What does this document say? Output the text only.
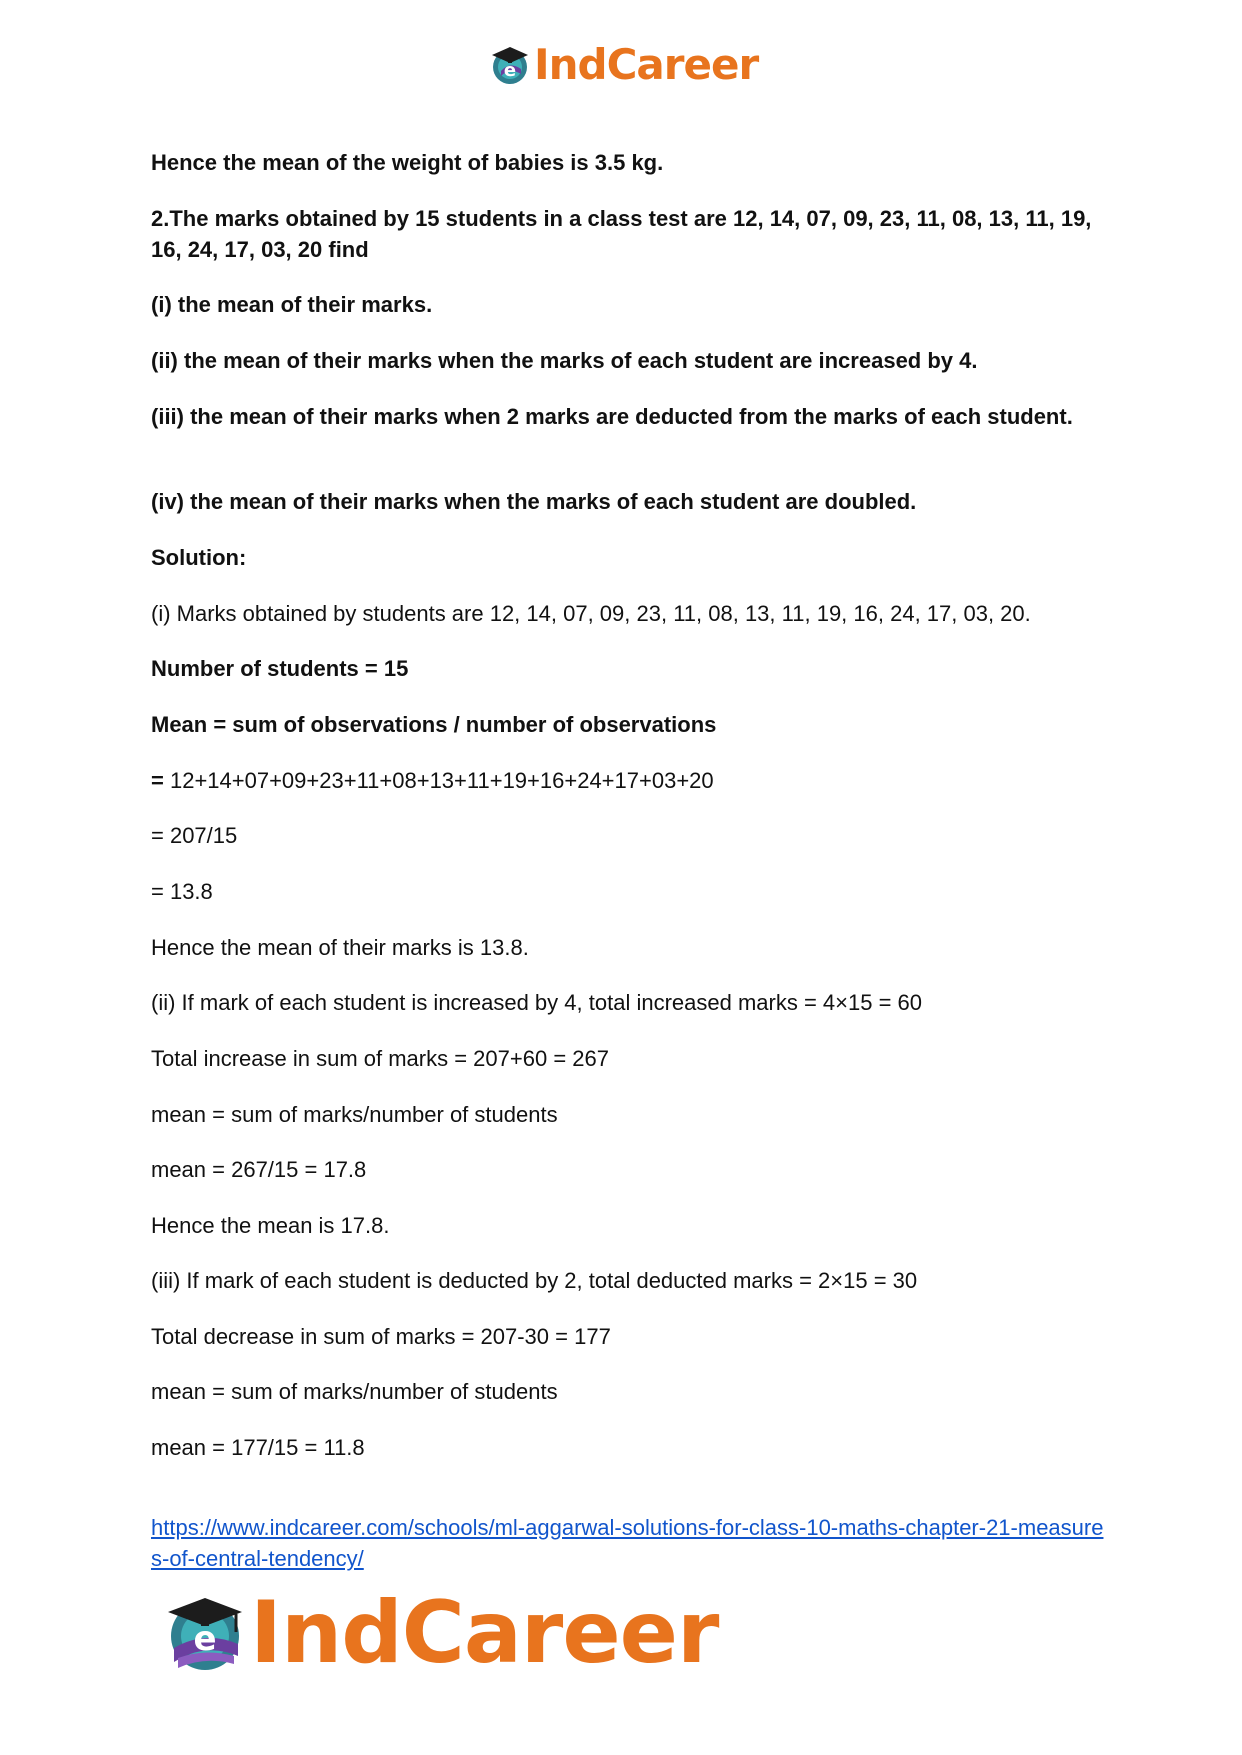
e IndCareer

Hence the mean of the weight of babies is 3.5 kg.

2.The marks obtained by 15 students in a class test are 12, 14, 07, 09, 23, 11, 08, 13, 11, 19, 16, 24, 17, 03, 20 find

(i) the mean of their marks.

(ii) the mean of their marks when the marks of each student are increased by 4.

(iii) the mean of their marks when 2 marks are deducted from the marks of each student.

(iv) the mean of their marks when the marks of each student are doubled.

Solution:

(i) Marks obtained by students are 12, 14, 07, 09, 23, 11, 08, 13, 11, 19, 16, 24, 17, 03, 20.

Number of students = 15

Mean = sum of observations / number of observations

= 12+14+07+09+23+11+08+13+11+19+16+24+17+03+20

= 207/15

= 13.8

Hence the mean of their marks is 13.8.

(ii) If mark of each student is increased by 4, total increased marks = 4×15 = 60

Total increase in sum of marks = 207+60 = 267

mean = sum of marks/number of students

mean = 267/15 = 17.8

Hence the mean is 17.8.

(iii) If mark of each student is deducted by 2, total deducted marks = 2×15 = 30

Total decrease in sum of marks = 207-30 = 177

mean = sum of marks/number of students

mean = 177/15 = 11.8

https://www.indcareer.com/schools/ml-aggarwal-solutions-for-class-10-maths-chapter-21-measures-of-central-tendency/
e IndCareer
